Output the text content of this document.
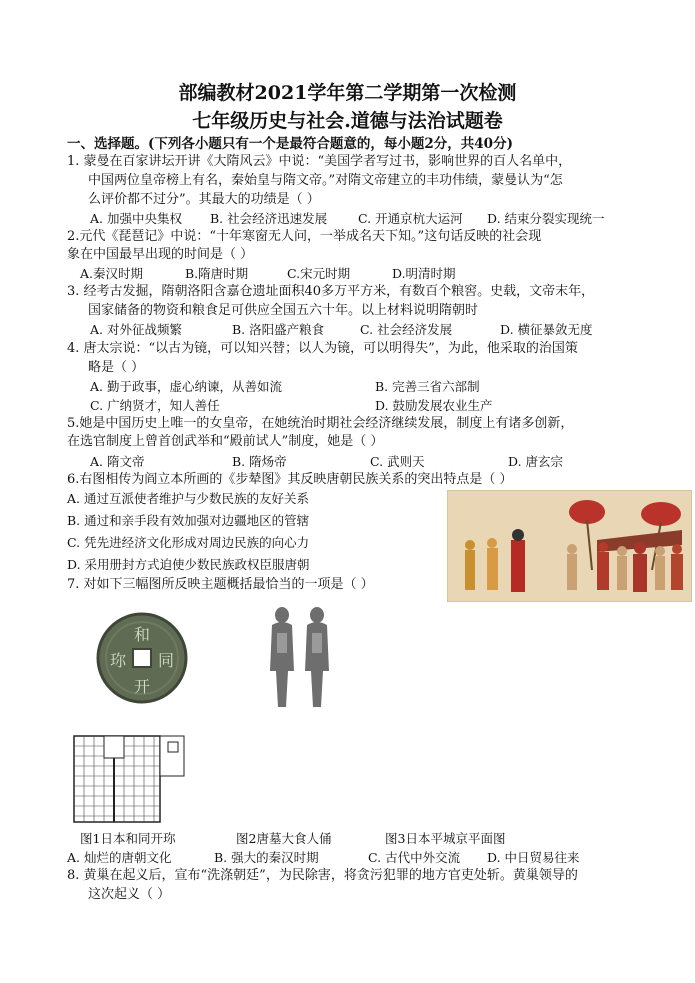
部编教材2021学年第二学期第一次检测
七年级历史与社会.道德与法治试题卷
一、选择题。(下列各小题只有一个是最符合题意的，每小题2分，共40分)
1. 蒙曼在百家讲坛开讲《大隋风云》中说：“美国学者写过书，影响世界的百人名单中，
中国两位皇帝榜上有名，秦始皇与隋文帝。”对隋文帝建立的丰功伟绩，蒙曼认为“怎
么评价都不过分”。其最大的功绩是（ ）
A. 加强中央集权 B. 社会经济迅速发展 C. 开通京杭大运河 D. 结束分裂实现统一
2.元代《琵琶记》中说：“十年寒窗无人问，一举成名天下知。”这句话反映的社会现
象在中国最早出现的时间是（ ）
A.秦汉时期	B.隋唐时期	C.宋元时期	D.明清时期
3. 经考古发掘，隋朝洛阳含嘉仓遗址面积40多万平方米，有数百个粮窖。史载，文帝末年，
国家储备的物资和粮食足可供应全国五六十年。以上材料说明隋朝时
A. 对外征战频繁	B. 洛阳盛产粮食	C. 社会经济发展	D. 横征暴敛无度
4. 唐太宗说：“以古为镜，可以知兴替；以人为镜，可以明得失”，为此，他采取的治国策
略是（ ）
A. 勤于政事，虚心纳谏，从善如流	B. 完善三省六部制
C. 广纳贤才，知人善任	D. 鼓励发展农业生产
5.她是中国历史上唯一的女皇帝，在她统治时期社会经济继续发展，制度上有诸多创新，
在选官制度上曾首创武举和“殿前试人”制度，她是（ ）
A. 隋文帝	B. 隋炀帝	C. 武则天	D. 唐玄宗
6.右图相传为阎立本所画的《步辇图》其反映唐朝民族关系的突出特点是（ ）
A. 通过互派使者维护与少数民族的友好关系
B. 通过和亲手段有效加强对边疆地区的管辖
C. 凭先进经济文化形成对周边民族的向心力
D. 采用册封方式迫使少数民族政权臣服唐朝
7. 对如下三幅图所反映主题概括最恰当的一项是（ ）
和
同
开
珎
图1日本和同开珎	图2唐墓大食人俑	图3日本平城京平面图
A. 灿烂的唐朝文化	B. 强大的秦汉时期	C. 古代中外交流 D. 中日贸易往来
8. 黄巢在起义后，宣布“洗涤朝廷”，为民除害，将贪污犯罪的地方官吏处斩。黄巢领导的
这次起义（ ）
